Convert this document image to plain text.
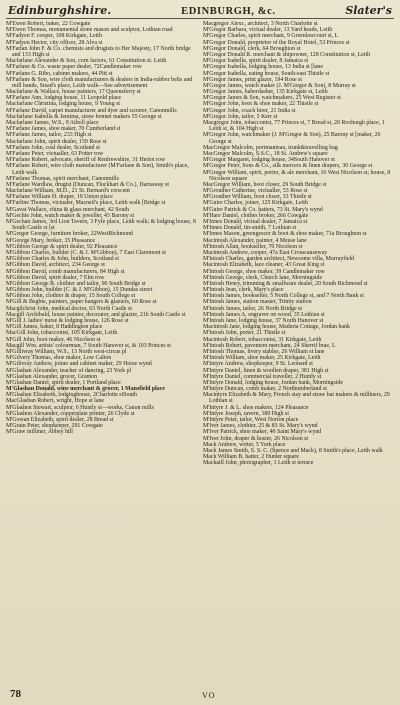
Edinburghshire.	EDINBURGH, &c.	Slater's
M'Ewen Robert, baker, 22 Cowgate
M'Ewen Thomas, monumental stone mason and sculptor, Lothian road
M'Fadyen F. cooper, 108 Kirkgate, Leith
M'Fadyen Hector, city officer, 28 Alva st
M'Farlan John F. & Co. chemists and drugists to Her Majesty, 17 North bridge and 133 High st
Macfarlane Alexander & Son, corn factors, 61 Constitution st. Leith
M'Farlane & Co. waste paper dealer, 72Candlemaker row
M'Farlane G. Ribo, cabinet makers, 44 Pitt st
M'Farlane & Son, wire cloth manufacturers & dealers in India-rubber belts and mill bands, Stead's place, Leith walk—See advertisement
Macfarlane & Wallace, house painters, 17 Queensferry st
M'Farlane Ann, lodging house, 11 Leopold place
Macfarlane Christina, lodging house, 9 Young st
M'Farlane David, carpet manufacturer and dyer and scourer, Canonmills
Macfarlane Isabella & Jemima, straw bonnet makers 55 George st
Macfarlane James, W.S., 9 Atholl place
M'Farlane James, shoe maker, 70 Cumberland st
M'Farlane James, tailor, 233 High st
Macfarlane John, spirit dealer, 159 Rose st
M'Farlane John, coal dealer, Scotland st
M'Farlane Peter, victualler, 63 Potter row
M'Farlane Robert, advocate, sheriff of Renfrewshire, 31 Heriot row
M'Farlane Robert, wire cloth manufacturer (M'Farlane & Son), Smith's place, Leith walk
M'Farlane Thomas, spirit merchant, Canonmills
M'Farlane Wardlaw, drugist (Duncan, Flockhart & Co.), Darnaway st
Macfarlane William, M.D., 21 St. Bernard's crescent
M'Farlane William H. draper, 19 Union place
M'Farline Thomas, victualer, Macneil's place, Leith walk [Bridge st
M'Gavat Wallace, china & glass merchant, 42 South
M'Gechie John, watch maker & jeweller, 43 Barony st
M'Gechan James, 3rd Lion Tavern, 3 Fyfe place, Leith walk; & lodging house, 8 South Castle st [st
M'Gregor George, furniture broker, 22WestRichmond
M'George Mary, broker, 35 Pleasance
M'Gibbon George & spirit dealer, 92 Pleasance
M'Gibbon Charles, builder (C. & J. M'Gibbon), 7 East Claremont st
M'Gibbon Charles & John, builders, Scotland st
M'Gibbon David, architect, 234 George st
M'Gibbon David, comb manufacturers, 84 High st
M'Gibbon David, spirit dealer, 7 Elm row
M'Gibbon George R. clothier and tailor, 90 South Bridge st
M'Gibbon John, builder (C. & J. M'Gibbon), 15 Dundas street
M'Gibbon John, clothier & draper, 15 South College st
M'Gill & Begbie, painters, paper hangers & glaziers, 60 Rose st
Macgilchrist John, medical doctor, 63 North Castle st
Macgill Archibald, house painter, decorator, and glazier, 21b South Castle st
M'Gill J. ladies' nurse & lodging house, 126 Rose st
M'Gill James, baker, 8 Haddington place
MacGill John, tobacconist, 105 Kirkgate, Leith
M'Gill John, boot maker, 46 Nicolson st
Macgill Wm. artists' colourman, 7 South Hanover st, & 103 Princes st
M'Gillivray William, W.S., 13 North west-circus pl
M'Gilvery Thomas, shoe maker, Low Calton
M'Gilivray Andrew, joiner and cabinet maker, 29 Horse wynd
M'Glashan Alexander, teacher of dancing, 23 York pl
M'Glashan Alexander, grocer, Granton
M'Glashan Daniel, spirit dealer, 1 Portland place
M'Glashan Donald, wine merchant & grocer, 1 Mansfield place
M'Glashan Elizabeth, lodginghouse, 2Charlotte stSouth
MacGlashan Robert, wright, Hope st lane
M'Glashen Stewart, sculptor, 6 Huntly st—works, Canon mills
M'Glashon Alexander, copperplate printer, 26 Clyde st
M'Gowan Elizabeth, spirit dealer, 28 Bread st
M'Grain Peter, shopkeeper, 291 Cowgate
M'Graw milliner, Abbey hill
Macgregor Alexr., architect, 3 North Charlotte st
M'Gregor Barbara, victual dealer, 13 Yard heads, Leith
M'Gregor Charles, spirit merchant, 9 Greenlawcourt st, L
M'Gregor Donald, proprietor of the Royal Hotel, 53 Princes st
M'Gregor Donald, clerk, 64 Broughton st
M'Gregor Donald R. merchant & shipowner, 128 Constitution st, Leith
M'Gregor Isabella, spirit dealer, 8 Jamaica st
M'Gregor Isabella, lodging house, 13 India st [lane
M'Gregor Isabella, eating house, South-east Thistle st
M'Gregor James, print glazer, 194 Rose st
M'Gregor James, watch maker (J. M'Gregor & Son), 8 Murray st
M'Gregor James, haberdasher, 135 Kirkgate st, Leith
M'Gregor James & Son, watchmakers, 25 West Register st
M'Gregor John, boot & shoe maker, 22 Thistle st
M'Gregor John, coach hirer, 21 India st
M'Gregor John, tailor, 5 Kerr st
Macgregor John, tobacconist, 77 Princes st, 7 Bread st, 20 Roxburgh place, 1 Leith st, & 104 High st
M'Gregor John, watchmaker (J. M'Gregor & Son), 25 Barony st [maker, 26 George st
MacGregor Malcolm, portmanteau, trunk&travelling bag
MacGregor Malcolm, S.S.C., 18 St. Andrew's square
M'Gregor Margaret, lodging house, 34South Hanover st
M'Gregor Peter, Sons & Co., silk mercers & linen drapers, 30 George st
M'Gregor William, spirit, porter, & ale merchant, 16 West Nicolson st; house, 8 Nicolson square
MacGregor William, boot closer, 29 South Bridge st
M'Grouther Catherine, victualler, 53 Rose st
M'Grouther William, boot closer, 33 Thistle st
M'Guire Charles, joiner, 125 Kirkgate, Leith
M'Guire Patrick & Co. hatters, 73 St. Mary's wynd
M'Hare Daniel, clothes broker, 266 Cowgate
M'Innes Donald, victual dealer, 7 Jamaica st
M'Innes Donald, tin-smith, 7 Lothian st
M'Innes Mason, greengrocer & boot & shoe maker, 71a Broughton st
Macintosh Alexander, painter, 4 Meuse lane
M'Intosh Allan, bookseller, 70 Nicolson st
Macintosh Andrew, cooper, 47a East Crosscauseway
M'Intosh Charles, garden architect, Newsome villa, Murrayfield
Macintosh Elizabeth, lace cleaner, 43 Great King st
M'Intosh George, shoe maker, 39 Candlemaker row
M'Intosh George, clerk, Church lane, Morningside
M'Intosh Henry, trimming & smallware dealer, 20 South Richmond st
M'Intosh Jean, clerk, Mary's place
M'Intosh James, bookseller, 5 North College st, and 7 North Bank st
M'Intosh James, station master, Trinity station
M'Intosh James, tailor, 26 North Bridge st
M'Intosh James A. engraver on wood, 35 Lothian st
M'Intosh Jane, lodging house, 37 North Hanover st
Macintosh Jane, lodging house, Maderia Cottage, Jordan bank
M'Intosh John, porter, 21 Thistle st
Macintosh Robert, tobacconist, 31 Kirkgate, Leith
M'Intosh Robert, pavement merchant, 24 Sherrif brae, L
M'Intosh Thomas, livery stables, 26 William st lane
M'Intosh William, shoe maker, 25 Kirkgate, Leith
M'Intyre Andrew, shopkeeper, 9 St. Leonard st
M'Intyre Daniel, linen & woollen draper, 381 High st
M'Intyre Daniel, commercial traveller, 2 Huntly st
M'Intyre Donald, lodging house, Jordan bank, Morningside
M'Intyre Duncan, comb maker, 2 Northumberland st
Macintyre Elizabeth & Mary, French stay and straw hat makers & milliners, 29 Lothian st
M'Intyre J. & L. shoe makers, 124 Pleasance
M'Intyre Joseph, tavern, 180 High st
M'Intyre Peter, tailor, West Norton place
M'Iver James, clothier, 25 & 83 St. Mary's wynd
M'Iver Patrick, shoe maker, 40 Saint Mary's wynd
M'Iver John, draper & hosier, 26 Nicolson st
Mack Andrew, writer, 5 York place
Mack James Smith, S. S. C. (Spence and Mack), 8 Smith's place, Leith walk
Mack William B. hatter, 2 Hunter square
Mackaill John, photographer, 1 Leith st terrace
78	VO
